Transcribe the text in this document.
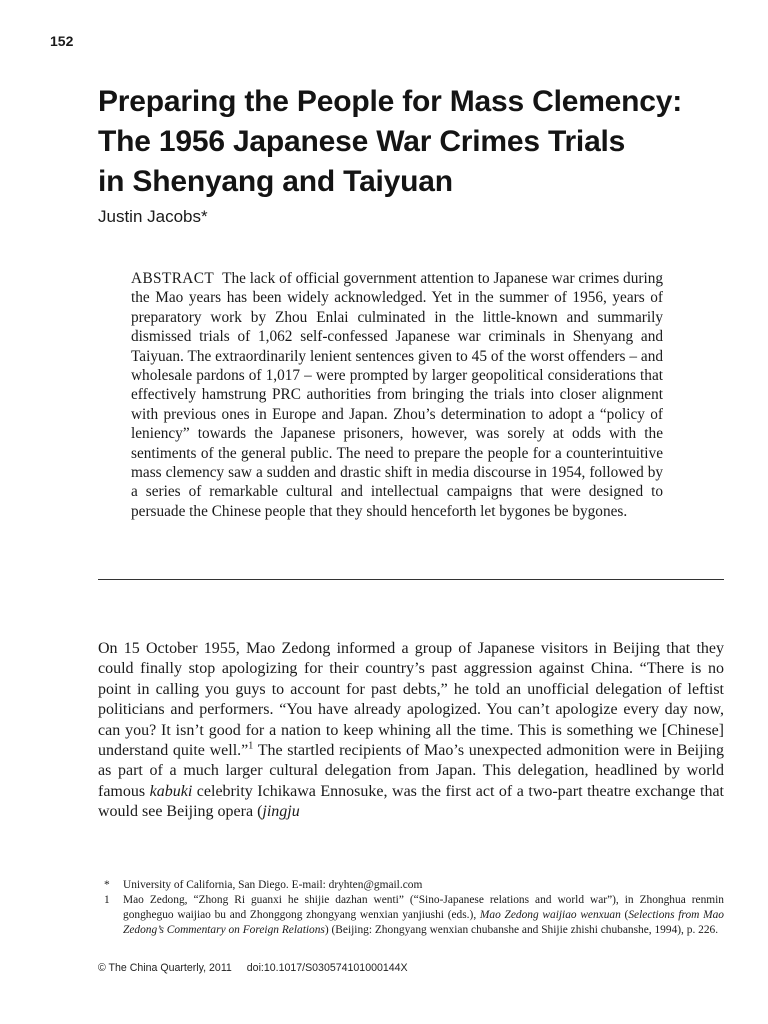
152
Preparing the People for Mass Clemency:
The 1956 Japanese War Crimes Trials
in Shenyang and Taiyuan
Justin Jacobs*

ABSTRACT The lack of official government attention to Japanese war crimes during the Mao years has been widely acknowledged. Yet in the summer of 1956, years of preparatory work by Zhou Enlai culminated in the little-known and summarily dismissed trials of 1,062 self-confessed Japanese war criminals in Shenyang and Taiyuan. The extraordinarily lenient sentences given to 45 of the worst offenders – and wholesale pardons of 1,017 – were prompted by larger geopolitical considerations that effectively hamstrung PRC authorities from bringing the trials into closer alignment with previous ones in Europe and Japan. Zhou’s determination to adopt a “policy of leniency” towards the Japanese prisoners, however, was sorely at odds with the sentiments of the general public. The need to prepare the people for a counterintuitive mass clemency saw a sudden and drastic shift in media discourse in 1954, followed by a series of remarkable cultural and intellectual campaigns that were designed to persuade the Chinese people that they should henceforth let bygones be bygones.

On 15 October 1955, Mao Zedong informed a group of Japanese visitors in Beijing that they could finally stop apologizing for their country’s past aggression against China. “There is no point in calling you guys to account for past debts,” he told an unofficial delegation of leftist politicians and performers. “You have already apologized. You can’t apologize every day now, can you? It isn’t good for a nation to keep whining all the time. This is something we [Chinese] understand quite well.”$^1$ The startled recipients of Mao’s unexpected admonition were in Beijing as part of a much larger cultural delegation from Japan. This delegation, headlined by world famous kabuki celebrity Ichikawa Ennosuke, was the first act of a two-part theatre exchange that would see Beijing opera (jingju

*	University of California, San Diego. E-mail: dryhten@gmail.com
1	Mao Zedong, “Zhong Ri guanxi he shijie dazhan wenti” (“Sino-Japanese relations and world war”), in Zhonghua renmin gongheguo waijiao bu and Zhonggong zhongyang wenxian yanjiushi (eds.), Mao Zedong waijiao wenxuan (Selections from Mao Zedong’s Commentary on Foreign Relations) (Beijing: Zhongyang wenxian chubanshe and Shijie zhishi chubanshe, 1994), p. 226.
© The China Quarterly, 2011 doi:10.1017/S030574101000144X
